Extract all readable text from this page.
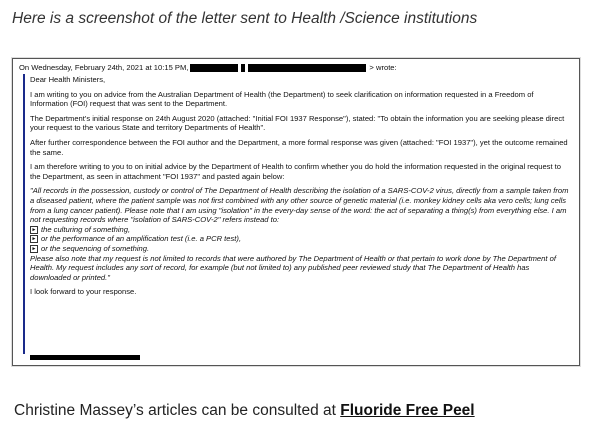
Here is a screenshot of the letter sent to Health /Science institutions
On Wednesday, February 24th, 2021 at 10:15 PM,	> wrote:

Dear Health Ministers,

I am writing to you on advice from the Australian Department of Health (the Department) to seek clarification on information requested in a Freedom of Information (FOI) request that was sent to the Department.

The Department's initial response on 24th August 2020 (attached: "Initial FOI 1937 Response"), stated: "To obtain the information you are seeking please direct your request to the various State and territory Departments of Health".

After further correspondence between the FOI author and the Department, a more formal response was given (attached: "FOI 1937"), yet the outcome remained the same.

I am therefore writing to you to on initial advice by the Department of Health to confirm whether you do hold the information requested in the original request to the Department, as seen in attachment "FOI 1937" and pasted again below:

"All records in the possession, custody or control of The Department of Health describing the isolation of a SARS-COV-2 virus, directly from a sample taken from a diseased patient, where the patient sample was not first combined with any other source of genetic material (i.e. monkey kidney cells aka vero cells; lung cells from a lung cancer patient). Please note that I am using "isolation" in the every-day sense of the word: the act of separating a thing(s) from everything else. I am not requesting records where "isolation of SARS-COV-2" refers instead to:

► the culturing of something,
► or the performance of an amplification test (i.e. a PCR test),
► or the sequencing of something.

Please also note that my request is not limited to records that were authored by The Department of Health or that pertain to work done by The Department of Health. My request includes any sort of record, for example (but not limited to) any published peer reviewed study that The Department of Health has downloaded or printed."

I look forward to your response.

Christine Massey’s articles can be consulted at Fluoride Free Peel
